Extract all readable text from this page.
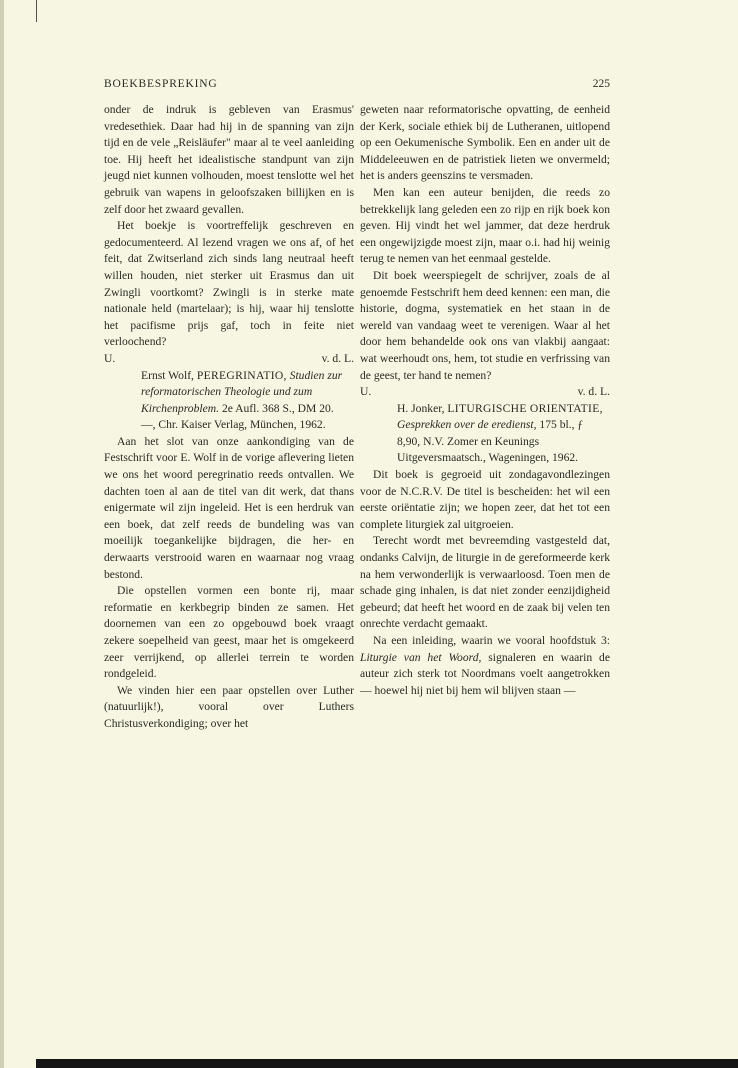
BOEKBESPREKING	225

onder de indruk is gebleven van Erasmus' vredesethiek. Daar had hij in de spanning van zijn tijd en de vele „Reisläufer" maar al te veel aanleiding toe. Hij heeft het idealistische standpunt van zijn jeugd niet kunnen volhouden, moest tenslotte wel het gebruik van wapens in geloofszaken billijken en is zelf door het zwaard gevallen.

Het boekje is voortreffelijk geschreven en gedocumenteerd. Al lezend vragen we ons af, of het feit, dat Zwitserland zich sinds lang neutraal heeft willen houden, niet sterker uit Erasmus dan uit Zwingli voortkomt? Zwingli is in sterke mate nationale held (martelaar); is hij, waar hij tenslotte het pacifisme prijs gaf, toch in feite niet verloochend?

U.	v. d. L.

Ernst Wolf, PEREGRINATIO, Studien zur reformatorischen Theologie und zum Kirchenproblem. 2e Aufl. 368 S., DM 20.—, Chr. Kaiser Verlag, München, 1962.

Aan het slot van onze aankondiging van de Festschrift voor E. Wolf in de vorige aflevering lieten we ons het woord peregrinatio reeds ontvallen. We dachten toen al aan de titel van dit werk, dat thans enigermate wil zijn ingeleid. Het is een herdruk van een boek, dat zelf reeds de bundeling was van moeilijk toegankelijke bijdragen, die her- en derwaarts verstrooid waren en waarnaar nog vraag bestond.

Die opstellen vormen een bonte rij, maar reformatie en kerkbegrip binden ze samen. Het doornemen van een zo opgebouwd boek vraagt zekere soepelheid van geest, maar het is omgekeerd zeer verrijkend, op allerlei terrein te worden rondgeleid.

We vinden hier een paar opstellen over Luther (natuurlijk!), vooral over Luthers Christusverkondiging; over het

geweten naar reformatorische opvatting, de eenheid der Kerk, sociale ethiek bij de Lutheranen, uitlopend op een Oekumenische Symbolik. Een en ander uit de Middeleeuwen en de patristiek lieten we onvermeld; het is anders geenszins te versmaden.

Men kan een auteur benijden, die reeds zo betrekkelijk lang geleden een zo rijp en rijk boek kon geven. Hij vindt het wel jammer, dat deze herdruk een ongewijzigde moest zijn, maar o.i. had hij weinig terug te nemen van het eenmaal gestelde.

Dit boek weerspiegelt de schrijver, zoals de al genoemde Festschrift hem deed kennen: een man, die historie, dogma, systematiek en het staan in de wereld van vandaag weet te verenigen. Waar al het door hem behandelde ook ons van vlakbij aangaat: wat weerhoudt ons, hem, tot studie en verfrissing van de geest, ter hand te nemen?

U.	v. d. L.

H. Jonker, LITURGISCHE ORIENTATIE, Gesprekken over de eredienst, 175 bl., ƒ 8,90, N.V. Zomer en Keunings Uitgeversmaatsch., Wageningen, 1962.

Dit boek is gegroeid uit zondagavondlezingen voor de N.C.R.V. De titel is bescheiden: het wil een eerste oriëntatie zijn; we hopen zeer, dat het tot een complete liturgiek zal uitgroeien.

Terecht wordt met bevreemding vastgesteld dat, ondanks Calvijn, de liturgie in de gereformeerde kerk na hem verwonderlijk is verwaarloosd. Toen men de schade ging inhalen, is dat niet zonder eenzijdigheid gebeurd; dat heeft het woord en de zaak bij velen ten onrechte verdacht gemaakt.

Na een inleiding, waarin we vooral hoofdstuk 3: Liturgie van het Woord, signaleren en waarin de auteur zich sterk tot Noordmans voelt aangetrokken — hoewel hij niet bij hem wil blijven staan —
